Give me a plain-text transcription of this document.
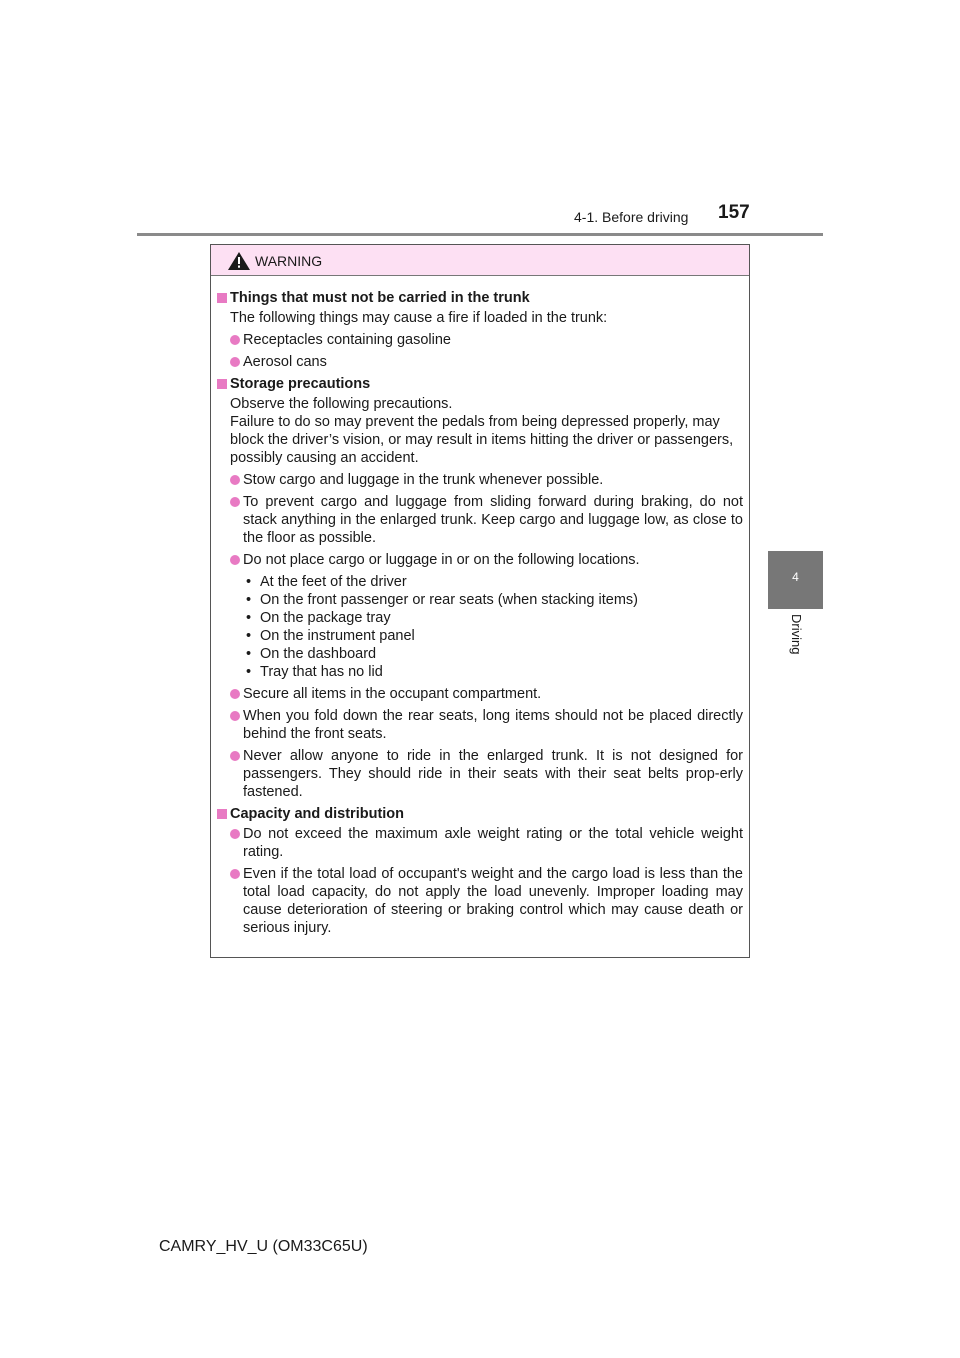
4-1. Before driving 157
4
Driving
WARNING
Things that must not be carried in the trunk
The following things may cause a fire if loaded in the trunk:
Receptacles containing gasoline
Aerosol cans
Storage precautions
Observe the following precautions.
Failure to do so may prevent the pedals from being depressed properly, may block the driver’s vision, or may result in items hitting the driver or passengers, possibly causing an accident.
Stow cargo and luggage in the trunk whenever possible.
To prevent cargo and luggage from sliding forward during braking, do not stack anything in the enlarged trunk. Keep cargo and luggage low, as close to the floor as possible.
Do not place cargo or luggage in or on the following locations.
• At the feet of the driver
• On the front passenger or rear seats (when stacking items)
• On the package tray
• On the instrument panel
• On the dashboard
• Tray that has no lid
Secure all items in the occupant compartment.
When you fold down the rear seats, long items should not be placed directly behind the front seats.
Never allow anyone to ride in the enlarged trunk. It is not designed for passengers. They should ride in their seats with their seat belts prop-erly fastened.
Capacity and distribution
Do not exceed the maximum axle weight rating or the total vehicle weight rating.
Even if the total load of occupant's weight and the cargo load is less than the total load capacity, do not apply the load unevenly. Improper loading may cause deterioration of steering or braking control which may cause death or serious injury.
CAMRY_HV_U (OM33C65U)
